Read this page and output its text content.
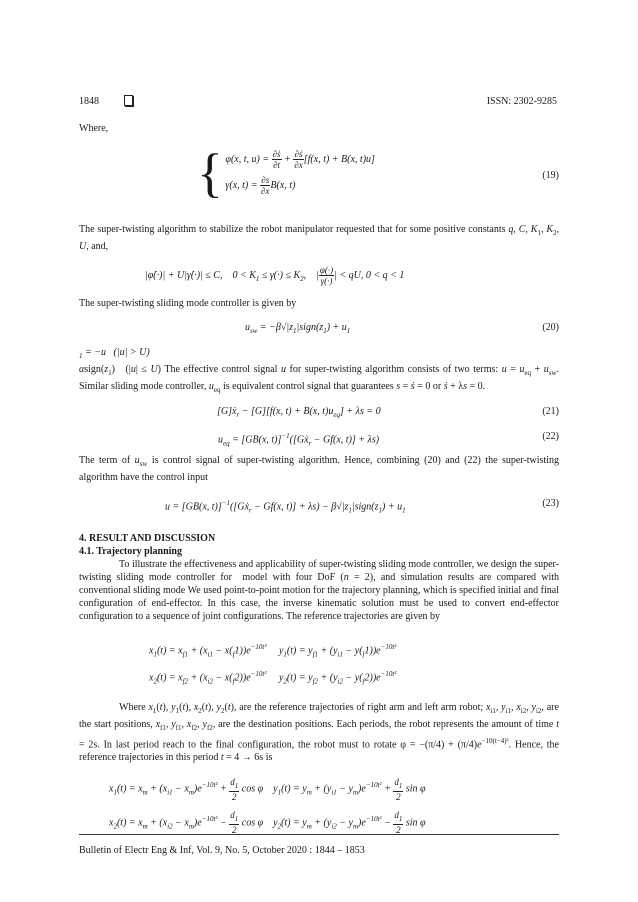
1848	ISSN: 2302-9285

Where,

{ φ(x, t, $u) = \frac{\text{∂ṡ}}{\partial t} + \frac{\text{∂ṡ}}{\partial x} [f(x$, t) + B(x, t)u]
γ(x, $t) = \frac{\partial s}{\partial x} B(x$, t)
(19)

The super-twisting algorithm to stabilize the robot manipulator requested that for some positive constants q, C, $K_1$, $K_2$, U, and,

|φ̇(·)| + U|γ̇(·)| ≤ C,    $0 < K_1 \le \gamma(\cdot) \le K_2$,    | $\frac{\varphi(\cdot)}{\gamma(\cdot)}$ | < qU, 0 < q < 1

The super-twisting sliding mode controller is given by

$u_{sw}$ = $-\beta√|z_1|sign(z_1) + u_1$	(20)
$_1$ = −u   (|u| > U)

$\alpha sign(z_1) (|u| \le U)$ The effective control signal u for super-twisting algorithm consists of two terms: $u = u_{eq} + u_{sw}$. Similar sliding mode controller, $u_{eq}$ is equivalent control signal that guarantees s = ṡ = 0 or ṡ + λs = 0.

[G]ẋ$_r$ − [G][f(x, t) + B(x, $t)u_{eq}] + \lambda s = 0$	(21)
$u_{eq} = [GB(x$, t)]$^{-1}$([Gẋ$_r$ − Gf(x, t)] + λs)	(22)

The term of $u_{sw}$ is control signal of super-twisting algorithm. Hence, combining (20) and (22) the super-twisting algorithm have the control input

u = [GB(x, t)]$^{-1}$([Gẋ$_r$ − Gf(x, $t)] + \lambda s) - \beta√|z_1|sign(z_1) + u_1$
(23)

4. RESULT AND DISCUSSION

4.1. Trajectory planning

To illustrate the effectiveness and applicability of super-twisting sliding mode controller, we design the super-twisting sliding mode controller for  model with four DoF (n = 2), and simulation results are compared with conventional sliding mode We used point-to-point motion for the trajectory planning, which is specified initial and final configuration of end-effector. In this case, the inverse kinematic solution must be used to convert end-effector configuration to a sequence of joint configurations. The reference trajectories are given by

$x_1(t) = x_{f1} + (x_{i1} - x(_f1))e^{-10t^2}$ $y_1(t) = y_{f1} + (y_{i1} - y(_f1))e^{-10t^2}$
$x_2(t) = x_{f2} + (x_{i2} - x(_f2))e^{-10t^2}$ $y_2(t) = y_{f2} + (y_{i2} - y(_f2))e^{-10t^2}$

Where $x_1(t)$, $y_1(t)$, $x_2(t)$, $y_2(t)$, are the reference trajectories of right arm and left arm robot; $x_{i1}$, $y_{i1}$, $x_{i2}$, $y_{i2}$, are the start positions, $x_{f1}$, $y_{f1}$, $x_{f2}$, $y_{f2}$, are the destination positions. Each periods, the robot represents the amount of time t = 2s. In last period reach to the final configuration, the robot must to rotate $\varphi = -(\pi/4) + (\pi/4)e^{-10(t-4)^2}$. Hence, the reference trajectories in this period t = 4 → 6s is

$x_1(t) = x_m + (x_{i1} - x_m)e^{-10t^2} + \frac{d_1}{2}$ cos φ    $y_1(t) = y_m + (y_{i1} - y_m)e^{-10t^2} + \frac{d_1}{2}$ sin φ
$x_2(t) = x_m + (x_{i2} - x_m)e^{-10t^2} - \frac{d_1}{2}$ cos φ    $y_2(t) = y_m + (y_{i2} - y_m)e^{-10t^2} - \frac{d_1}{2}$ sin φ
Bulletin of Electr Eng & Inf, Vol. 9, No. 5, October 2020 : 1844 – 1853
